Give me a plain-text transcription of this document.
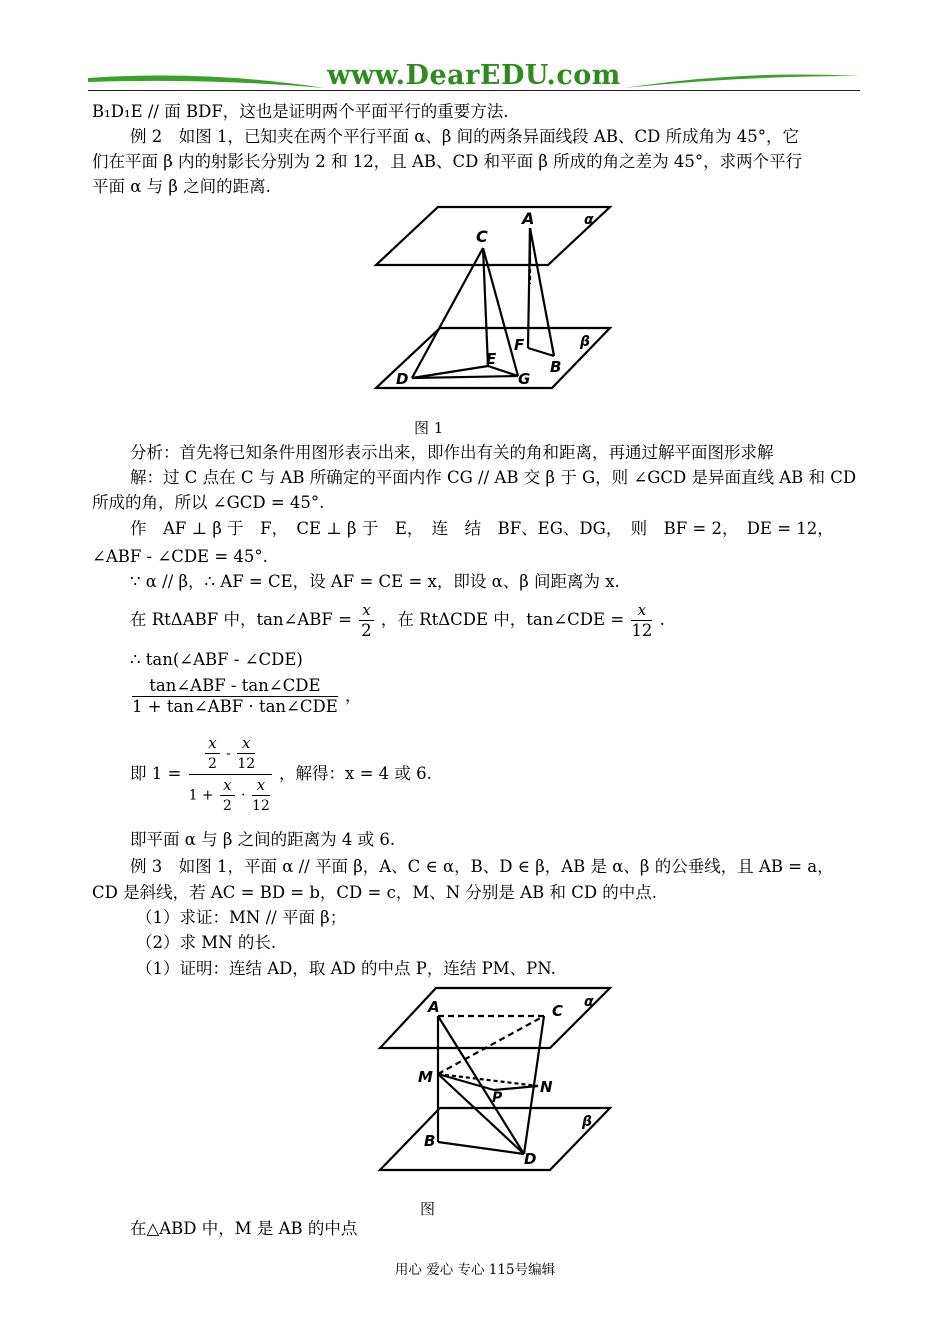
www.DearEDU.com
B₁D₁E // 面 BDF，这也是证明两个平面平行的重要方法.
例 2　如图 1，已知夹在两个平行平面 α、β 间的两条异面线段 AB、CD 所成角为 45°，它
们在平面 β 内的射影长分别为 2 和 12，且 AB、CD 和平面 β 所成的角之差为 45°，求两个平行
平面 α 与 β 之间的距离.
C
A	α
β
F
E	B
D	G
图 1
分析：首先将已知条件用图形表示出来，即作出有关的角和距离，再通过解平面图形求解
解：过 C 点在 C 与 AB 所确定的平面内作 CG // AB 交 β 于 G，则 ∠GCD 是异面直线 AB 和 CD
所成的角，所以 ∠GCD = 45°.
作　AF ⊥ β 于　F，　CE ⊥ β 于　E，　连　结　BF、EG、DG，　则　BF = 2，　DE = 12，
∠ABF - ∠CDE = 45°.
∵ α // β，∴ AF = CE，设 AF = CE = x，即设 α、β 间距离为 x.
在 RtΔABF 中，tan∠ABF = $\frac{x}{2}$ ，在 RtΔCDE 中，tan∠CDE = $\frac{x}{12}$ .
∴ tan(∠ABF - ∠CDE)
$\frac{\text{tan∠ABF - tan∠CDE}}{\text{1 + tan∠ABF · tan∠CDE}}$ ，
即 $1 = \frac{\frac{x}{2} - \frac{x}{12}}{1 + \frac{x}{2} \cdot \frac{x}{12}}$ ，解得：x = 4 或 6.
即平面 α 与 β 之间的距离为 4 或 6.
例 3　如图 1，平面 α // 平面 β，A、C ∈ α，B、D ∈ β，AB 是 α、β 的公垂线，且 AB = a，
CD 是斜线，若 AC = BD = b，CD = c，M、N 分别是 AB 和 CD 的中点.
（1）求证：MN // 平面 β；
（2）求 MN 的长.
（1）证明：连结 AD，取 AD 的中点 P，连结 PM、PN.
A	C α
M
N
P
β
B
D
图
在△ABD 中，M 是 AB 的中点
用心 爱心 专心 115号编辑
